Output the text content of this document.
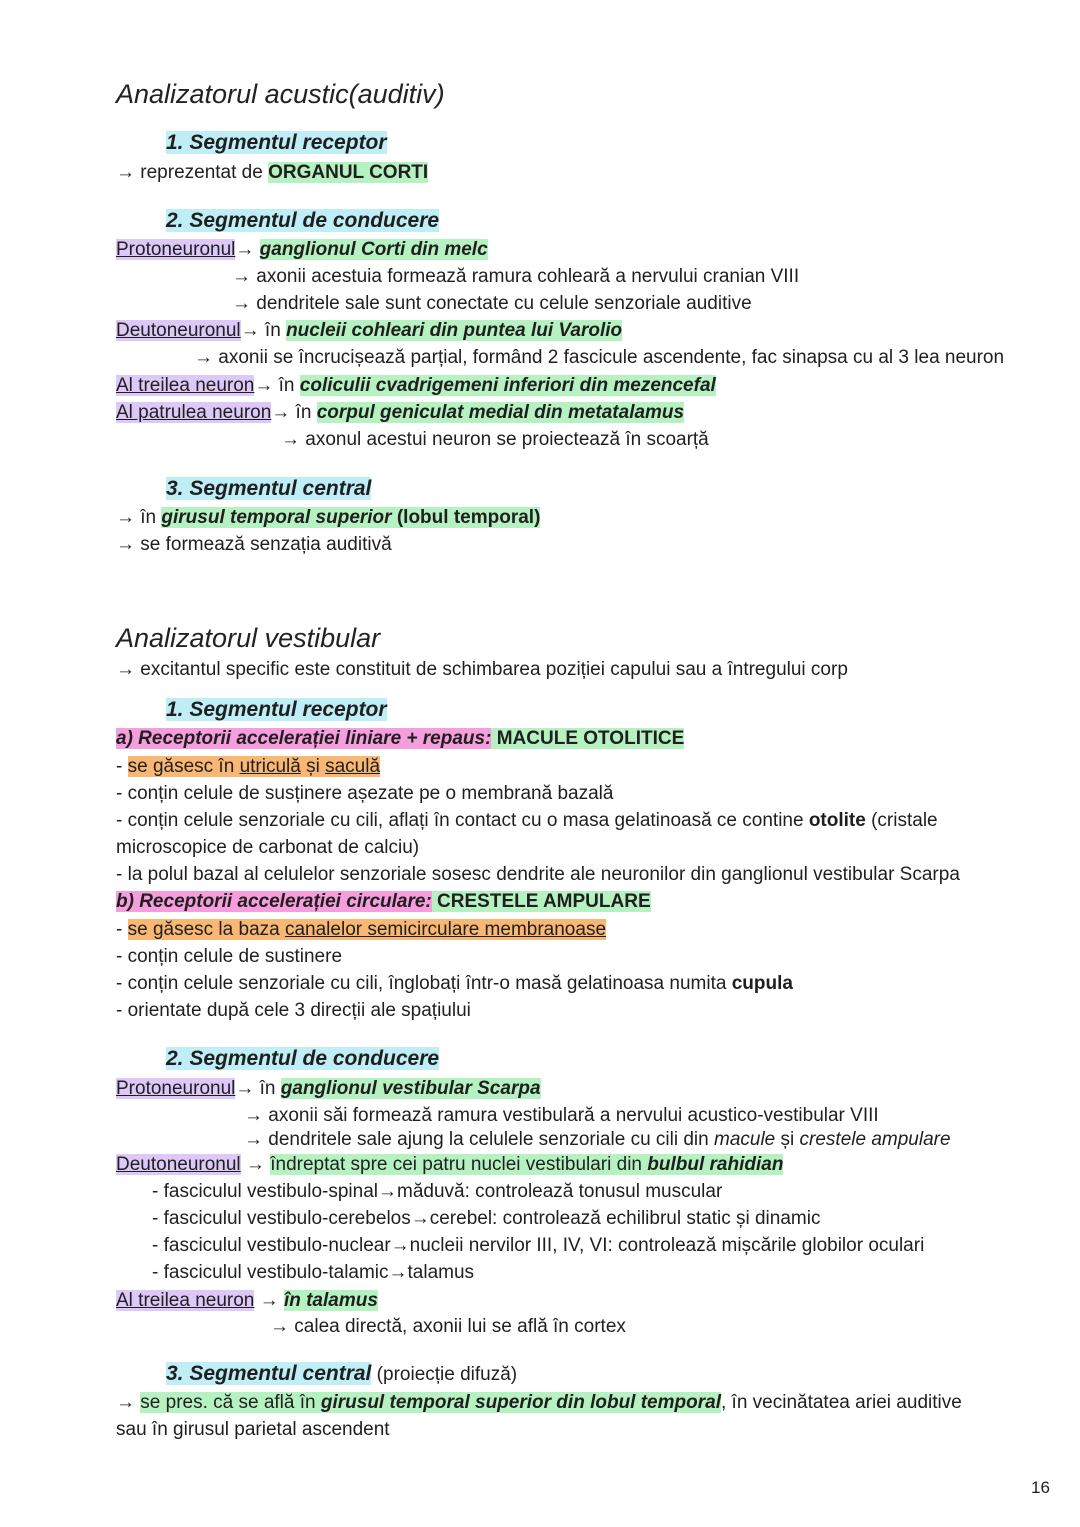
Analizatorul acustic(auditiv)
1. Segmentul receptor
→ reprezentat de ORGANUL CORTI
2. Segmentul de conducere
Protoneuronul→ ganglionul Corti din melc
→ axonii acestuia formează ramura cohleară a nervului cranian VIII
→ dendritele sale sunt conectate cu celule senzoriale auditive
Deutoneuronul→ în nucleii cohleari din puntea lui Varolio
→ axonii se încrucișează parțial, formând 2 fascicule ascendente, fac sinapsa cu al 3 lea neuron
Al treilea neuron→ în coliculii cvadrigemeni inferiori din mezencefal
Al patrulea neuron→ în corpul geniculat medial din metatalamus
→ axonul acestui neuron se proiectează în scoarță
3. Segmentul central
→ în girusul temporal superior (lobul temporal)
→ se formează senzația auditivă
Analizatorul vestibular
→ excitantul specific este constituit de schimbarea poziției capului sau a întregului corp
1. Segmentul receptor
a) Receptorii accelerației liniare + repaus: MACULE OTOLITICE
- se găsesc în utriculă și saculă
- conțin celule de susținere așezate pe o membrană bazală
- conțin celule senzoriale cu cili, aflați în contact cu o masa gelatinoasă ce contine otolite (cristale
microscopice de carbonat de calciu)
- la polul bazal al celulelor senzoriale sosesc dendrite ale neuronilor din ganglionul vestibular Scarpa
b) Receptorii accelerației circulare: CRESTELE AMPULARE
- se găsesc la baza canalelor semicirculare membranoase
- conțin celule de sustinere
- conțin celule senzoriale cu cili, înglobați într-o masă gelatinoasa numita cupula
- orientate după cele 3 direcții ale spațiului
2. Segmentul de conducere
Protoneuronul→ în ganglionul vestibular Scarpa
→ axonii săi formează ramura vestibulară a nervului acustico-vestibular VIII
→ dendritele sale ajung la celulele senzoriale cu cili din macule și crestele ampulare
Deutoneuronul → îndreptat spre cei patru nuclei vestibulari din bulbul rahidian
- fasciculul vestibulo-spinal→măduvă: controlează tonusul muscular
- fasciculul vestibulo-cerebelos→cerebel: controlează echilibrul static și dinamic
- fasciculul vestibulo-nuclear→nucleii nervilor III, IV, VI: controlează mișcările globilor oculari
- fasciculul vestibulo-talamic→talamus
Al treilea neuron → în talamus
→ calea directă, axonii lui se află în cortex
3. Segmentul central (proiecție difuză)
→ se pres. că se află în girusul temporal superior din lobul temporal, în vecinătatea ariei auditive
sau în girusul parietal ascendent
16
